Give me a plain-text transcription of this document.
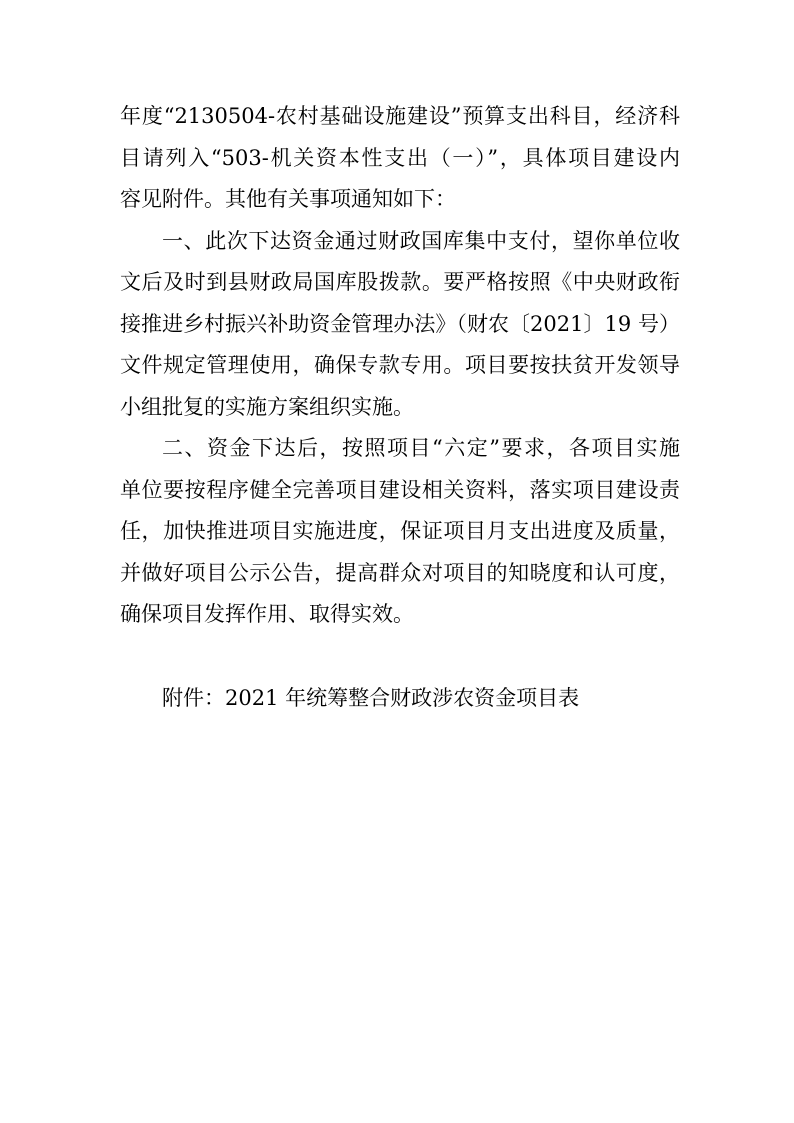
年度“2130504-农村基础设施建设”预算支出科目，经济科
目请列入“503-机关资本性支出（一）”，具体项目建设内
容见附件。其他有关事项通知如下：
一、此次下达资金通过财政国库集中支付，望你单位收
文后及时到县财政局国库股拨款。要严格按照《中央财政衔
接推进乡村振兴补助资金管理办法》（财农〔2021〕19 号）
文件规定管理使用，确保专款专用。项目要按扶贫开发领导
小组批复的实施方案组织实施。
二、资金下达后，按照项目“六定”要求，各项目实施
单位要按程序健全完善项目建设相关资料，落实项目建设责
任，加快推进项目实施进度，保证项目月支出进度及质量，
并做好项目公示公告，提高群众对项目的知晓度和认可度，
确保项目发挥作用、取得实效。
附件：2021 年统筹整合财政涉农资金项目表
